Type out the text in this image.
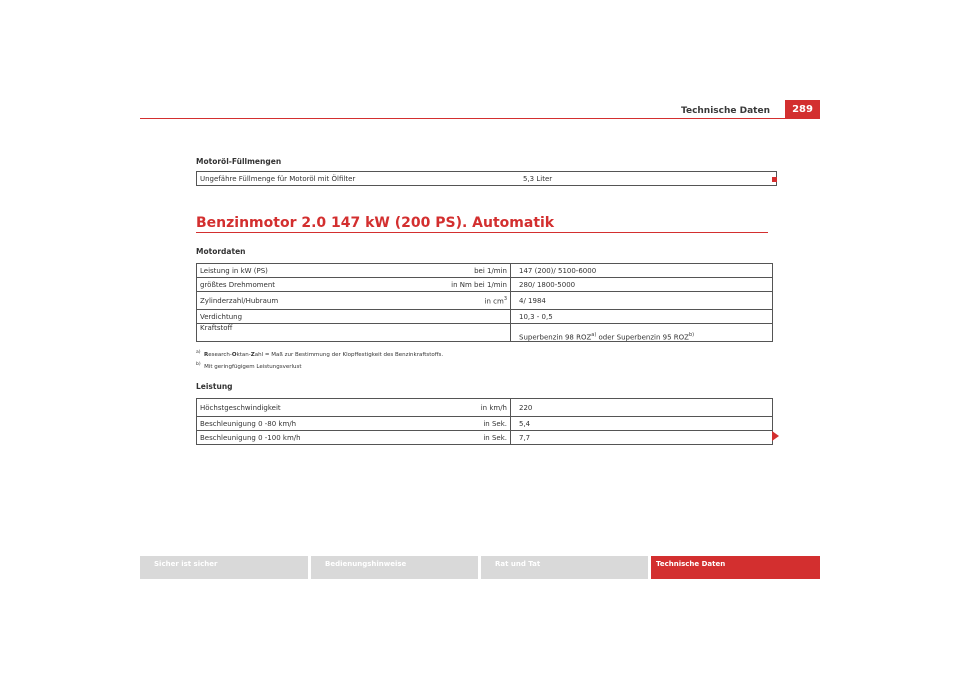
Technische Daten	289
Motoröl-Füllmengen
Ungefähre Füllmenge für Motoröl mit Ölfilter	5,3 Liter
Benzinmotor 2.0 147 kW (200 PS). Automatik
Motordaten
Leistung in kW (PS)	bei 1/min	147 (200)/ 5100-6000
größtes Drehmoment	in Nm bei 1/min	280/ 1800-5000
Zylinderzahl/Hubraum	in $cm^3$	4/ 1984
Verdichtung		10,3 - 0,5
Kraftstoff		Superbenzin 98 ROZ$^{a)}$ oder Superbenzin 95 ROZ$^{b)}$
$^{a)}$ Research-Oktan-Zahl = Maß zur Bestimmung der Klopffestigkeit des Benzinkraftstoffs.
$^{b)}$ Mit geringfügigem Leistungsverlust
Leistung
Höchstgeschwindigkeit	in km/h	220
Beschleunigung 0 -80 km/h	in Sek.	5,4
Beschleunigung 0 -100 km/h	in Sek.	7,7
Sicher ist sicher	Bedienungshinweise	Rat und Tat	Technische Daten
